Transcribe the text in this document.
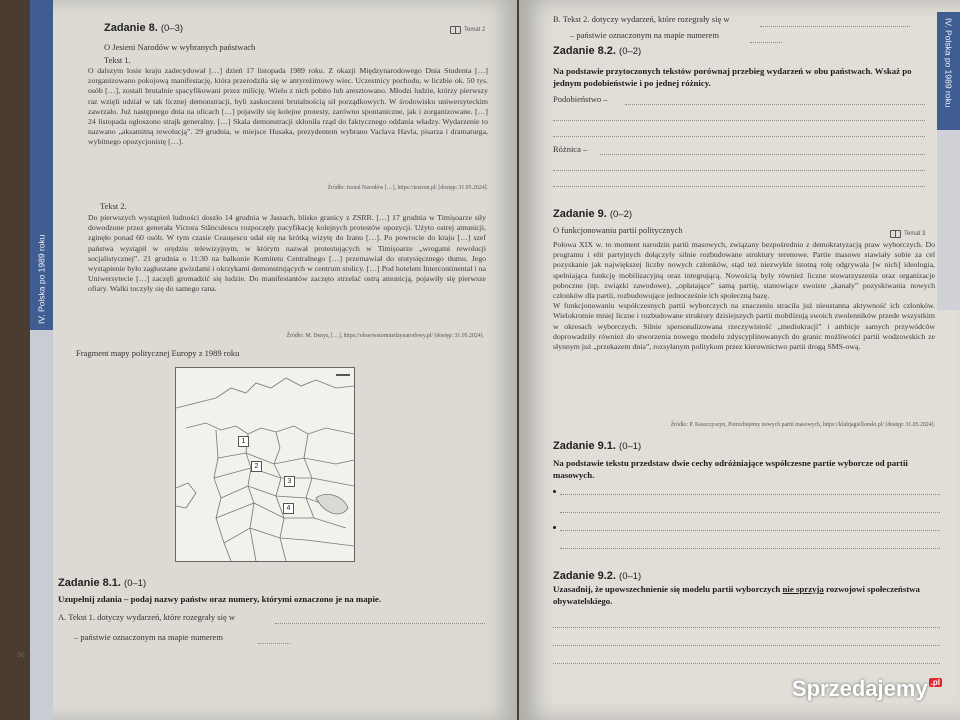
IV. Polska po 1989 roku
Zadanie 8. (0–3)	Temat 2
O Jesieni Narodów w wybranych państwach
Tekst 1.
O dalszym losie kraju zadecydował […] dzień 17 listopada 1989 roku. Z okazji Międzynarodowego Dnia Studenta […] zorganizowano pokojową manifestację, która przerodziła się w antyreżimowy wiec. Uczestnicy pochodu, w liczbie ok. 50 tys. osób […], zostali brutalnie spacyfikowani przez milicję. Wielu z nich pobito lub aresztowano. Młodzi ludzie, którzy pierwszy raz wzięli udział w tak licznej demonstracji, byli zaskoczeni brutalnością sił porządkowych. W środowisku uniwersyteckim zawrzało. Już następnego dnia na ulicach […] pojawiły się kolejne protesty, zarówno spontaniczne, jak i zorganizowane. […] 24 listopada ogłoszono strajk generalny. […] Skala demonstracji skłoniła rząd do faktycznego oddania władzy. Wydarzenie to nazwano „aksamitną rewolucją”. 29 grudnia, w miejsce Husaka, prezydentem wybrano Vaclava Havla, pisarza i dramaturga, wybitnego opozycjonistę […].
Źródło: Jesień Narodów […], https://testron.pl/ [dostęp: 31.05.2024].
Tekst 2.
Do pierwszych wystąpień ludności doszło 14 grudnia w Jassach, blisko granicy z ZSRR. […] 17 grudnia w Timișoarze siły dowodzone przez generała Victora Stănculescu rozpoczęły pacyfikację kolejnych protestów opozycji. Użyto ostrej amunicji, zginęło ponad 60 osób. W tym czasie Ceaușescu udał się na krótką wizytę do Iranu […]. Po powrocie do kraju […] szef państwa wystąpił w orędziu telewizyjnym, w którym nazwał protestujących w Timișoarze „wrogami rewolucji socjalistycznej”. 21 grudnia o 11:30 na balkonie Komitetu Centralnego […] przemawiał do stutysięcznego tłumu. Jego wystąpienie było zagłuszane gwizdami i okrzykami demonstrujących w centrum stolicy. […] Pod hotelem Intercontinental i na Uniwersytecie […] zaczęli gromadzić się ludzie. Do manifestantów zaczęto strzelać ostrą amunicją, pojawiły się pierwsze ofiary. Walki toczyły się do samego rana.
Źródło: M. Denys, […], https://obserwatormiedzynarodowy.pl/ [dostęp: 31.05.2024].
Fragment mapy politycznej Europy z 1989 roku
1
2
3
4
Zadanie 8.1. (0–1)
Uzupełnij zdania – podaj nazwy państw oraz numery, którymi oznaczono je na mapie.
A. Tekst 1. dotyczy wydarzeń, które rozegrały się w
– państwie oznaczonym na mapie numerem
66
IV. Polska po 1989 roku
B. Tekst 2. dotyczy wydarzeń, które rozegrały się w
– państwie oznaczonym na mapie numerem
Zadanie 8.2. (0–2)
Na podstawie przytoczonych tekstów porównaj przebieg wydarzeń w obu państwach. Wskaż po jednym podobieństwie i po jednej różnicy.
Podobieństwo –
Różnica –
Zadanie 9. (0–2)
O funkcjonowaniu partii politycznych	Temat 3
Połowa XIX w. to moment narodzin partii masowych, związany bezpośrednio z demokratyzacją praw wyborczych. Do programu i elit partyjnych dołączyły silnie rozbudowane struktury terenowe. Partie masowe stawiały sobie za cel pozyskanie jak największej liczby nowych członków, stąd też niezwykle istotną rolę odgrywała [w nich] ideologia, spełniająca funkcję mobilizacyjną oraz integrującą. Nowością były również liczne stowarzyszenia oraz organizacje poboczne (np. związki zawodowe), „opłatające” samą partię, stanowiące swoiste „kanały” pozyskiwania nowych członków dla partii, rozbudowujące jednocześnie ich społeczną bazę.
W funkcjonowaniu współczesnych partii wyborczych na znaczeniu straciła już nieustanna aktywność ich członków. Wielokrotnie mniej liczne i rozbudowane struktury dzisiejszych partii mobilizują swoich zwolenników przede wszystkim w okresach wyborczych. Silnie spersonalizowana rzeczywistość „mediokracji” i ambicje samych przywódców doprowadziły również do stworzenia nowego modelu zdyscyplinowanych do granic możliwości partii wodzowskich ze słynnym już „przekazem dnia”, rozsyłanym politykom przez kierownictwo partii drogą SMS-ową.
Źródło: P. Kaszczyszyn, Potrzebujemy nowych partii masowych, https://klubjagiellonski.pl/ [dostęp: 31.05.2024].
Zadanie 9.1. (0–1)
Na podstawie tekstu przedstaw dwie cechy odróżniające współczesne partie wyborcze od partii masowych.
Zadanie 9.2. (0–1)
Uzasadnij, że upowszechnienie się modelu partii wyborczych nie sprzyja rozwojowi społeczeństwa obywatelskiego.
Sprzedajemy .pl
